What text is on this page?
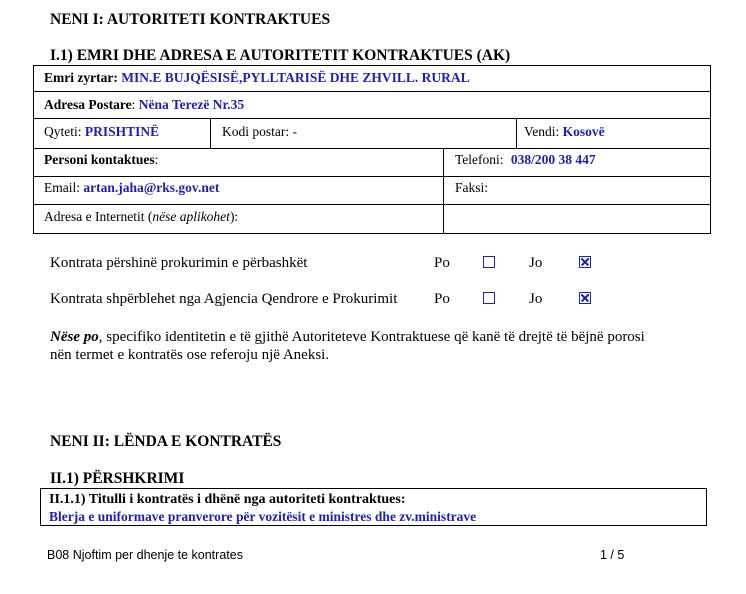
NENI I: AUTORITETI KONTRAKTUES
I.1) EMRI DHE ADRESA E AUTORITETIT KONTRAKTUES (AK)
Emri zyrtar: MIN.E BUJQËSISË,PYLLTARISË DHE ZHVILL. RURAL
Adresa Postare: Nëna Terezë Nr.35
Qyteti: PRISHTINË	Kodi postar: -	Vendi: Kosovë
Personi kontaktues:	Telefoni: 038/200 38 447
Email: artan.jaha@rks.gov.net	Faksi:
Adresa e Internetit (nëse aplikohet):
Kontrata përshinë prokurimin e përbashkët	Po	Jo
Kontrata shpërblehet nga Agjencia Qendrore e Prokurimit Po	Jo
Nëse po, specifiko identitetin e të gjithë Autoriteteve Kontraktuese që kanë të drejtë të bëjnë porosi
nën termet e kontratës ose referoju një Aneksi.
NENI II: LËNDA E KONTRATËS
II.1) PËRSHKRIMI
II.1.1) Titulli i kontratës i dhënë nga autoriteti kontraktues:
Blerja e uniformave pranverore për vozitësit e ministres dhe zv.ministrave
B08 Njoftim per dhenje te kontrates	1 / 5
